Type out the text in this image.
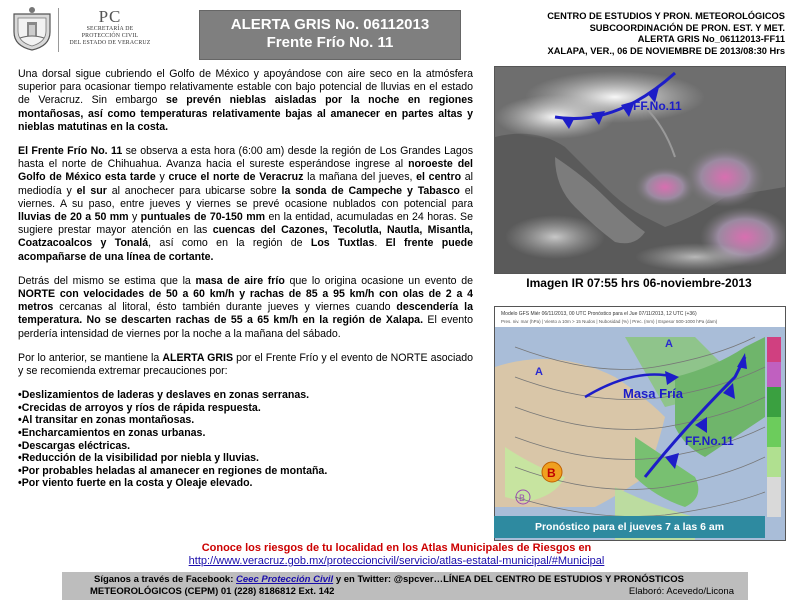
PC
SECRETARÍA DE
PROTECCIÓN CIVIL
DEL ESTADO DE VERACRUZ
ALERTA GRIS No. 06112013
Frente Frío No. 11
CENTRO DE ESTUDIOS Y PRON. METEOROLÓGICOS
SUBCOORDINACIÓN DE PRON. EST. Y MET.
ALERTA GRIS No_06112013-FF11
XALAPA, VER., 06 DE NOVIEMBRE DE 2013/08:30 Hrs

Una dorsal sigue cubriendo el Golfo de México y apoyándose con aire seco en la atmósfera superior para ocasionar tiempo relativamente estable con bajo potencial de lluvias en el estado de Veracruz. Sin embargo se prevén nieblas aisladas por la noche en regiones montañosas, así como temperaturas relativamente bajas al amanecer en partes altas y nieblas matutinas en la costa.

El Frente Frío No. 11 se observa a esta hora (6:00 am) desde la región de Los Grandes Lagos hasta el norte de Chihuahua. Avanza hacia el sureste esperándose ingrese al noroeste del Golfo de México esta tarde y cruce el norte de Veracruz la mañana del jueves, el centro al mediodía y el sur al anochecer para ubicarse sobre la sonda de Campeche y Tabasco el viernes. A su paso, entre jueves y viernes se prevé ocasione nublados con potencial para lluvias de 20 a 50 mm y puntuales de 70-150 mm en la entidad, acumuladas en 24 horas. Se sugiere prestar mayor atención en las cuencas del Cazones, Tecolutla, Nautla, Misantla, Coatzacoalcos y Tonalá, así como en la región de Los Tuxtlas. El frente puede acompañarse de una línea de cortante.

Detrás del mismo se estima que la masa de aire frío que lo origina ocasione un evento de NORTE con velocidades de 50 a 60 km/h y rachas de 85 a 95 km/h con olas de 2 a 4 metros cercanas al litoral, ésto también durante jueves y viernes cuando descendería la temperatura. No se descarten rachas de 55 a 65 km/h en la región de Xalapa. El evento perdería intensidad de viernes por la noche a la mañana del sábado.

Por lo anterior, se mantiene la ALERTA GRIS por el Frente Frío y el evento de NORTE asociado y se recomienda extremar precauciones por:

•Deslizamientos de laderas y deslaves en zonas serranas.
•Crecidas de arroyos y ríos de rápida respuesta.
•Al transitar en zonas montañosas.
•Encharcamientos en zonas urbanas.
•Descargas eléctricas.
•Reducción de la visibilidad por niebla y lluvias.
•Por probables heladas al amanecer en regiones de montaña.
•Por viento fuerte en la costa y Oleaje elevado.
FF.No.11
Imagen IR 07:55 hrs 06-noviembre-2013
Modelo GFS Miér 06/11/2013, 00 UTC Pronóstico para el Jue 07/11/2013, 12 UTC (+36)
Pres. niv. mar (hPa) | Viento a 10m > 15 Nudos | Nubosidad (%) | Prec. (mm) | Espesor 500-1000 hPa (dam)
A
A
Masa Fría
FF.No.11
B
B
Pronóstico para el jueves 7 a las 6 am
Conoce los riesgos de tu localidad en los Atlas Municipales de Riesgos en
http://www.veracruz.gob.mx/proteccioncivil/servicio/atlas-estatal-municipal/#Municipal
Síganos a través de Facebook: Ceec Protección Civil y en Twitter: @spcver…LÍNEA DEL CENTRO DE ESTUDIOS Y PRONÓSTICOS
METEOROLÓGICOS (CEPM) 01 (228) 8186812 Ext. 142	Elaboró: Acevedo/Licona
